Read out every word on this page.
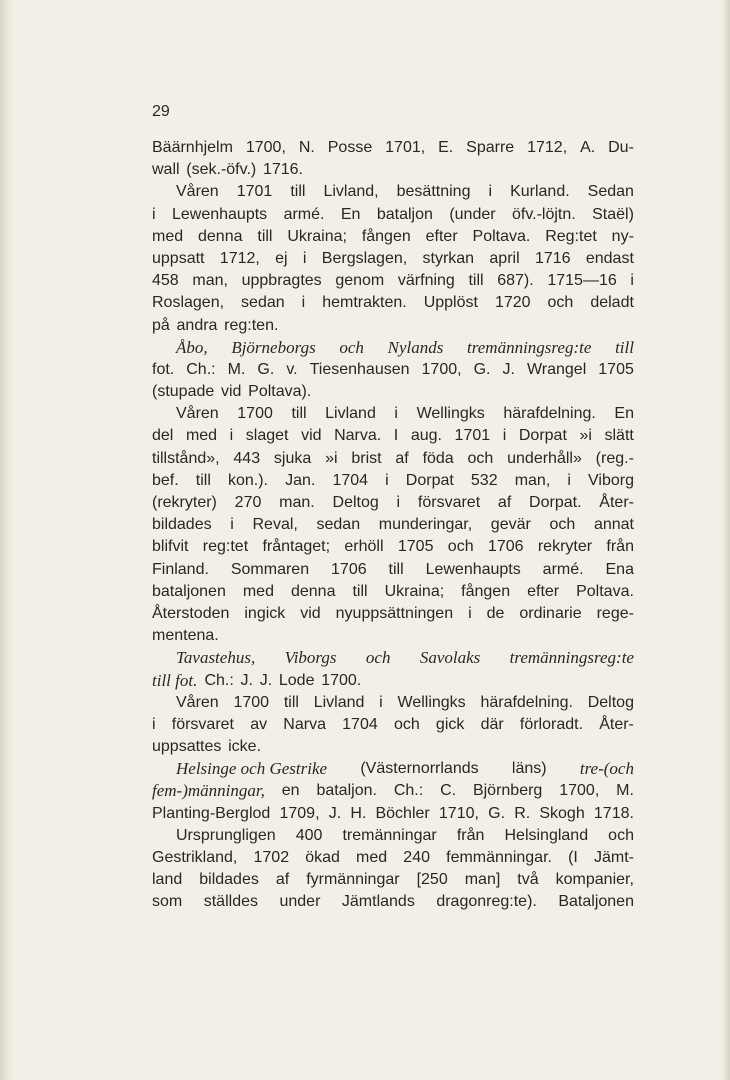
29
Bäärnhjelm 1700, N. Posse 1701, E. Sparre 1712, A. Du-
wall (sek.-öfv.) 1716.
Våren 1701 till Livland, besättning i Kurland. Sedan
i Lewenhaupts armé. En bataljon (under öfv.-löjtn. Staël)
med denna till Ukraina; fången efter Poltava. Reg:tet ny-
uppsatt 1712, ej i Bergslagen, styrkan april 1716 endast
458 man, uppbragtes genom värfning till 687). 1715—16 i
Roslagen, sedan i hemtrakten. Upplöst 1720 och deladt
på andra reg:ten.
Åbo, Björneborgs och Nylands tremänningsreg:te till
fot. Ch.: M. G. v. Tiesenhausen 1700, G. J. Wrangel 1705
(stupade vid Poltava).
Våren 1700 till Livland i Wellingks härafdelning. En
del med i slaget vid Narva. I aug. 1701 i Dorpat »i slätt
tillstånd», 443 sjuka »i brist af föda och underhåll» (reg.-
bef. till kon.). Jan. 1704 i Dorpat 532 man, i Viborg
(rekryter) 270 man. Deltog i försvaret af Dorpat. Åter-
bildades i Reval, sedan munderingar, gevär och annat
blifvit reg:tet fråntaget; erhöll 1705 och 1706 rekryter från
Finland. Sommaren 1706 till Lewenhaupts armé. Ena
bataljonen med denna till Ukraina; fången efter Poltava.
Återstoden ingick vid nyuppsättningen i de ordinarie rege-
mentena.
Tavastehus, Viborgs och Savolaks tremänningsreg:te
till fot. Ch.: J. J. Lode 1700.
Våren 1700 till Livland i Wellingks härafdelning. Deltog
i försvaret av Narva 1704 och gick där förloradt. Åter-
uppsattes icke.
Helsinge och Gestrike (Västernorrlands läns) tre-(och
fem-)männingar, en bataljon. Ch.: C. Björnberg 1700, M.
Planting-Berglod 1709, J. H. Böchler 1710, G. R. Skogh 1718.
Ursprungligen 400 tremänningar från Helsingland och
Gestrikland, 1702 ökad med 240 femmänningar. (I Jämt-
land bildades af fyrmänningar [250 man] två kompanier,
som ställdes under Jämtlands dragonreg:te). Bataljonen
